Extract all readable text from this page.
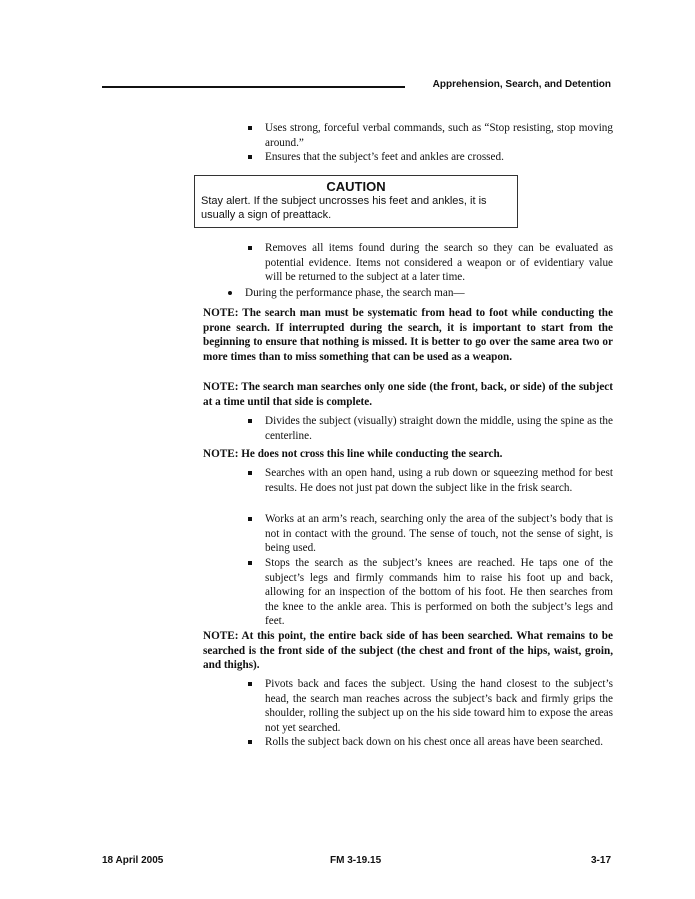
Apprehension, Search, and Detention
Uses strong, forceful verbal commands, such as “Stop resisting, stop moving around.”
Ensures that the subject’s feet and ankles are crossed.
CAUTION
Stay alert. If the subject uncrosses his feet and ankles, it is usually a sign of preattack.
Removes all items found during the search so they can be evaluated as potential evidence. Items not considered a weapon or of evidentiary value will be returned to the subject at a later time.
During the performance phase, the search man—
NOTE: The search man must be systematic from head to foot while conducting the prone search. If interrupted during the search, it is important to start from the beginning to ensure that nothing is missed. It is better to go over the same area two or more times than to miss something that can be used as a weapon.
NOTE: The search man searches only one side (the front, back, or side) of the subject at a time until that side is complete.
Divides the subject (visually) straight down the middle, using the spine as the centerline.
NOTE: He does not cross this line while conducting the search.
Searches with an open hand, using a rub down or squeezing method for best results. He does not just pat down the subject like in the frisk search.
Works at an arm’s reach, searching only the area of the subject’s body that is not in contact with the ground. The sense of touch, not the sense of sight, is being used.
Stops the search as the subject’s knees are reached. He taps one of the subject’s legs and firmly commands him to raise his foot up and back, allowing for an inspection of the bottom of his foot. He then searches from the knee to the ankle area. This is performed on both the subject’s legs and feet.
NOTE: At this point, the entire back side of has been searched. What remains to be searched is the front side of the subject (the chest and front of the hips, waist, groin, and thighs).
Pivots back and faces the subject. Using the hand closest to the subject’s head, the search man reaches across the subject’s back and firmly grips the shoulder, rolling the subject up on the his side toward him to expose the areas not yet searched.
Rolls the subject back down on his chest once all areas have been searched.
18 April 2005	FM 3-19.15	3-17
